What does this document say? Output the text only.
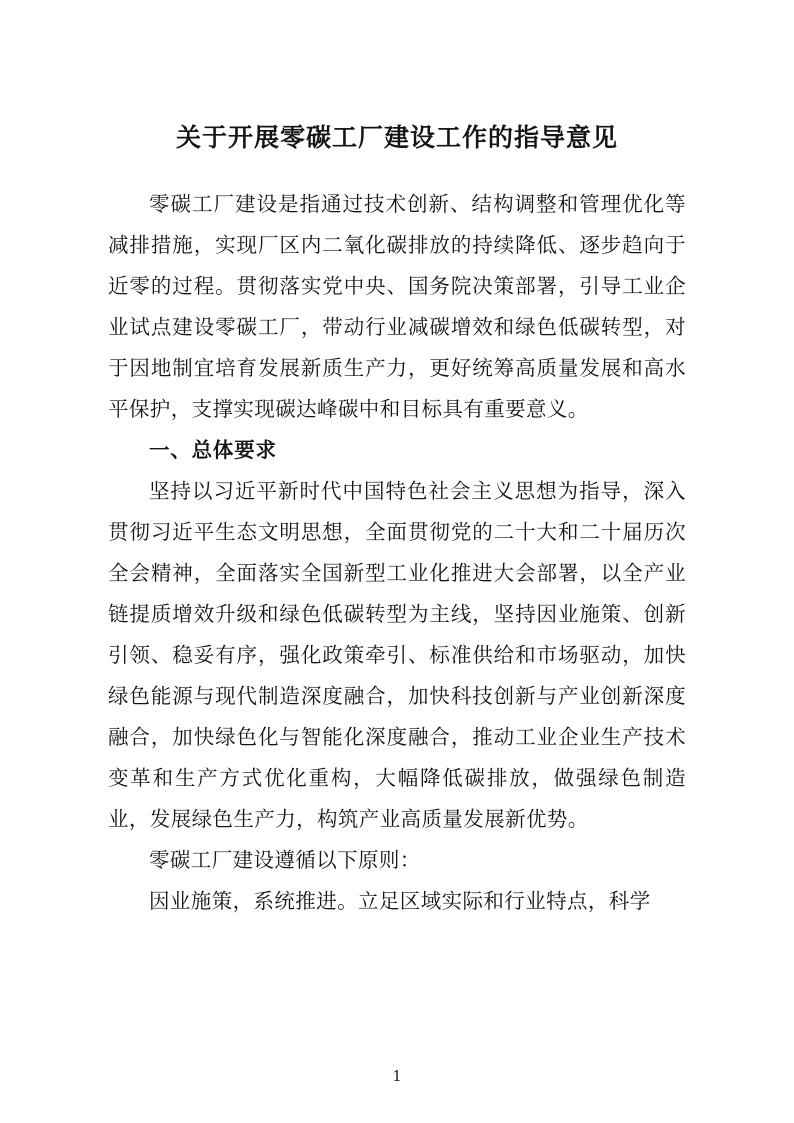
关于开展零碳工厂建设工作的指导意见

零碳工厂建设是指通过技术创新、结构调整和管理优化等减排措施，实现厂区内二氧化碳排放的持续降低、逐步趋向于近零的过程。贯彻落实党中央、国务院决策部署，引导工业企业试点建设零碳工厂，带动行业减碳增效和绿色低碳转型，对于因地制宜培育发展新质生产力，更好统筹高质量发展和高水平保护，支撑实现碳达峰碳中和目标具有重要意义。

一、总体要求

坚持以习近平新时代中国特色社会主义思想为指导，深入贯彻习近平生态文明思想，全面贯彻党的二十大和二十届历次全会精神，全面落实全国新型工业化推进大会部署，以全产业链提质增效升级和绿色低碳转型为主线，坚持因业施策、创新引领、稳妥有序，强化政策牵引、标准供给和市场驱动，加快绿色能源与现代制造深度融合，加快科技创新与产业创新深度融合，加快绿色化与智能化深度融合，推动工业企业生产技术变革和生产方式优化重构，大幅降低碳排放，做强绿色制造业，发展绿色生产力，构筑产业高质量发展新优势。

零碳工厂建设遵循以下原则：

因业施策，系统推进。立足区域实际和行业特点，科学

1
